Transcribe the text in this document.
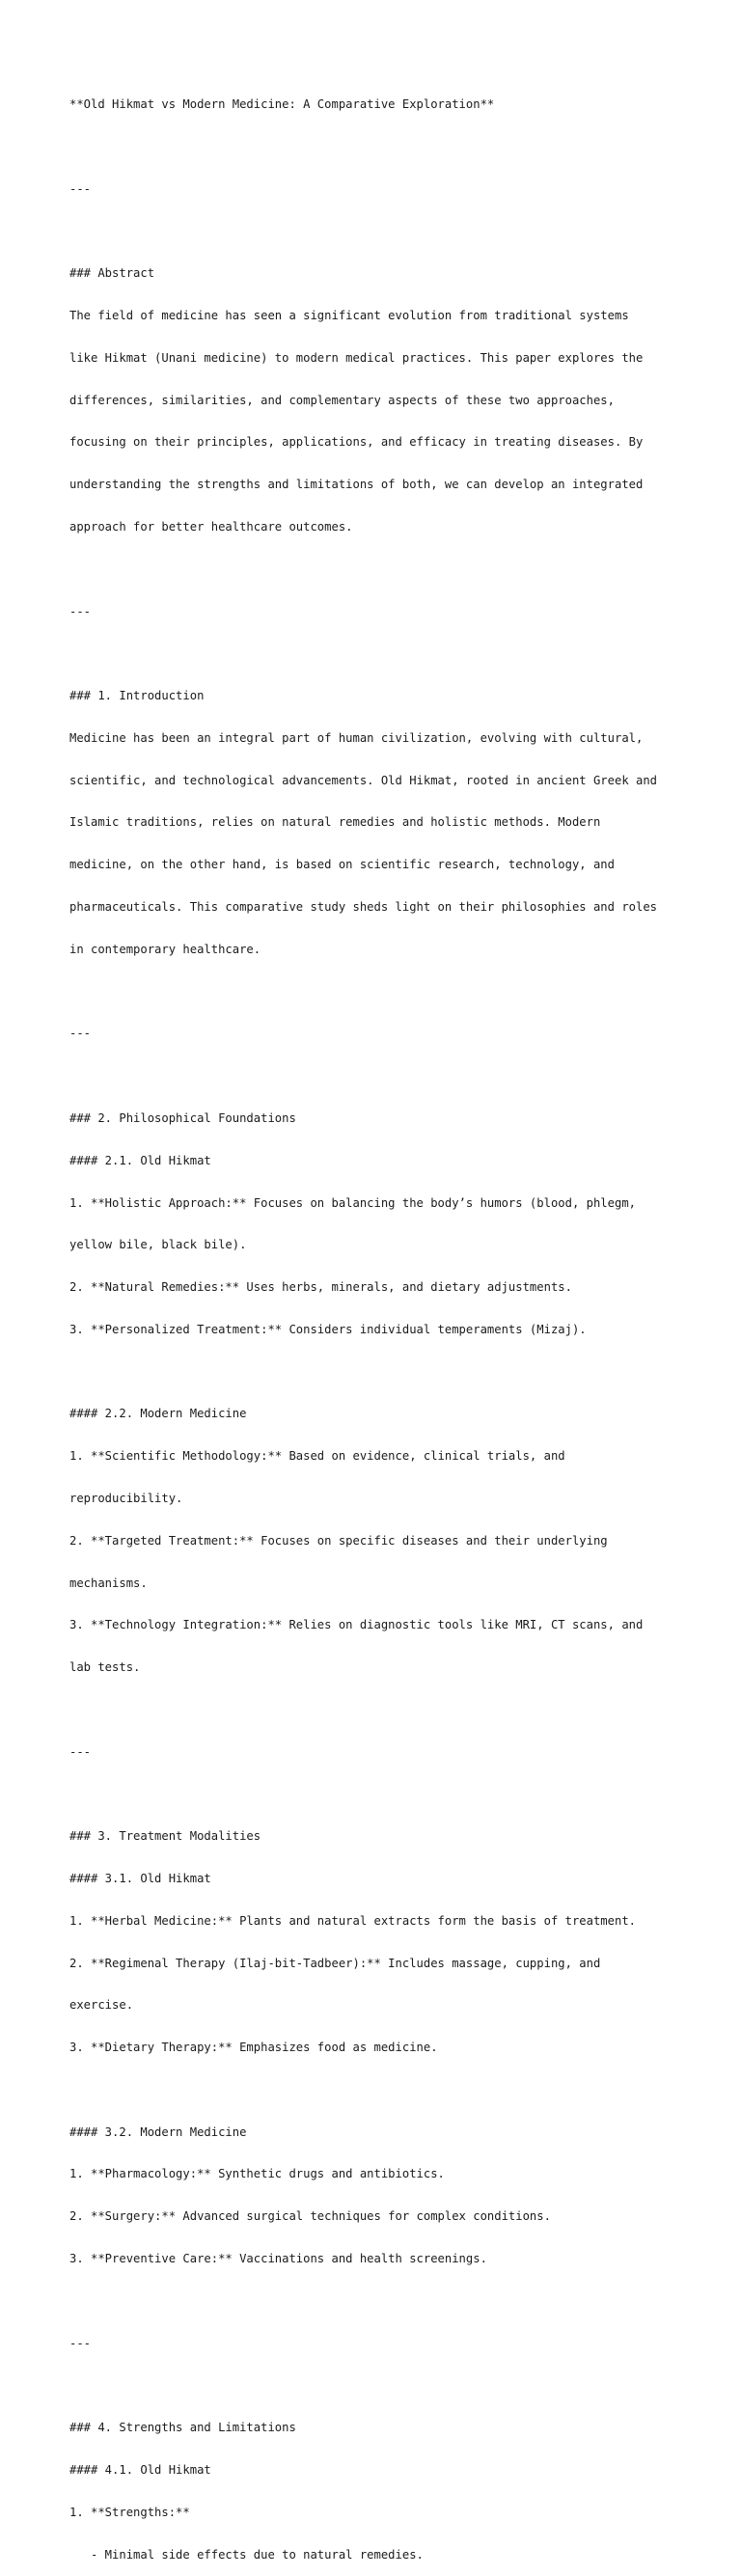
**Old Hikmat vs Modern Medicine: A Comparative Exploration**

---

### Abstract

The field of medicine has seen a significant evolution from traditional systems

like Hikmat (Unani medicine) to modern medical practices. This paper explores the

differences, similarities, and complementary aspects of these two approaches,

focusing on their principles, applications, and efficacy in treating diseases. By

understanding the strengths and limitations of both, we can develop an integrated

approach for better healthcare outcomes.

---

### 1. Introduction

Medicine has been an integral part of human civilization, evolving with cultural,

scientific, and technological advancements. Old Hikmat, rooted in ancient Greek and

Islamic traditions, relies on natural remedies and holistic methods. Modern

medicine, on the other hand, is based on scientific research, technology, and

pharmaceuticals. This comparative study sheds light on their philosophies and roles

in contemporary healthcare.

---

### 2. Philosophical Foundations

#### 2.1. Old Hikmat

1. **Holistic Approach:** Focuses on balancing the body’s humors (blood, phlegm,

yellow bile, black bile).

2. **Natural Remedies:** Uses herbs, minerals, and dietary adjustments.

3. **Personalized Treatment:** Considers individual temperaments (Mizaj).

#### 2.2. Modern Medicine

1. **Scientific Methodology:** Based on evidence, clinical trials, and

reproducibility.

2. **Targeted Treatment:** Focuses on specific diseases and their underlying

mechanisms.

3. **Technology Integration:** Relies on diagnostic tools like MRI, CT scans, and

lab tests.

---

### 3. Treatment Modalities

#### 3.1. Old Hikmat

1. **Herbal Medicine:** Plants and natural extracts form the basis of treatment.

2. **Regimenal Therapy (Ilaj-bit-Tadbeer):** Includes massage, cupping, and

exercise.

3. **Dietary Therapy:** Emphasizes food as medicine.

#### 3.2. Modern Medicine

1. **Pharmacology:** Synthetic drugs and antibiotics.

2. **Surgery:** Advanced surgical techniques for complex conditions.

3. **Preventive Care:** Vaccinations and health screenings.

---

### 4. Strengths and Limitations

#### 4.1. Old Hikmat

1. **Strengths:**

- Minimal side effects due to natural remedies.
